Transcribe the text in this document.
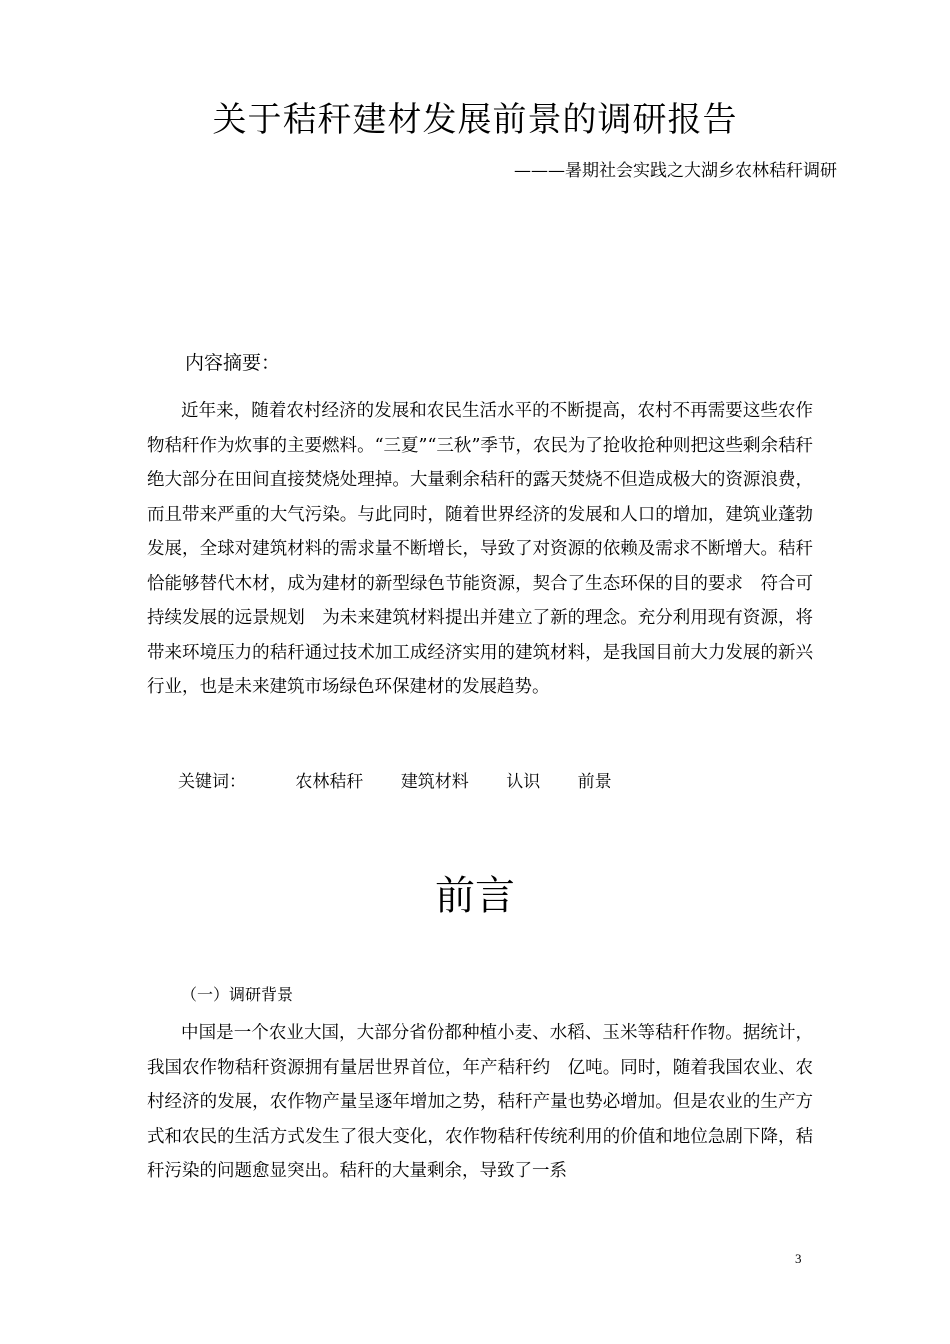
关于秸秆建材发展前景的调研报告
———暑期社会实践之大湖乡农林秸秆调研
内容摘要：

近年来，随着农村经济的发展和农民生活水平的不断提高，农村不再需要这些农作物秸秆作为炊事的主要燃料。“三夏”“三秋”季节，农民为了抢收抢种则把这些剩余秸秆绝大部分在田间直接焚烧处理掉。大量剩余秸秆的露天焚烧不但造成极大的资源浪费，而且带来严重的大气污染。与此同时，随着世界经济的发展和人口的增加，建筑业蓬勃发展，全球对建筑材料的需求量不断增长，导致了对资源的依赖及需求不断增大。秸秆恰能够替代木材，成为建材的新型绿色节能资源，契合了生态环保的目的要求　符合可持续发展的远景规划　为未来建筑材料提出并建立了新的理念。充分利用现有资源，将带来环境压力的秸秆通过技术加工成经济实用的建筑材料，是我国目前大力发展的新兴行业，也是未来建筑市场绿色环保建材的发展趋势。

关键词：	农林秸秆 建筑材料 认识 前景
前言
（一）调研背景

中国是一个农业大国，大部分省份都种植小麦、水稻、玉米等秸秆作物。据统计，我国农作物秸秆资源拥有量居世界首位，年产秸秆约　亿吨。同时，随着我国农业、农村经济的发展，农作物产量呈逐年增加之势，秸秆产量也势必增加。但是农业的生产方式和农民的生活方式发生了很大变化，农作物秸秆传统利用的价值和地位急剧下降，秸秆污染的问题愈显突出。秸秆的大量剩余，导致了一系

3
